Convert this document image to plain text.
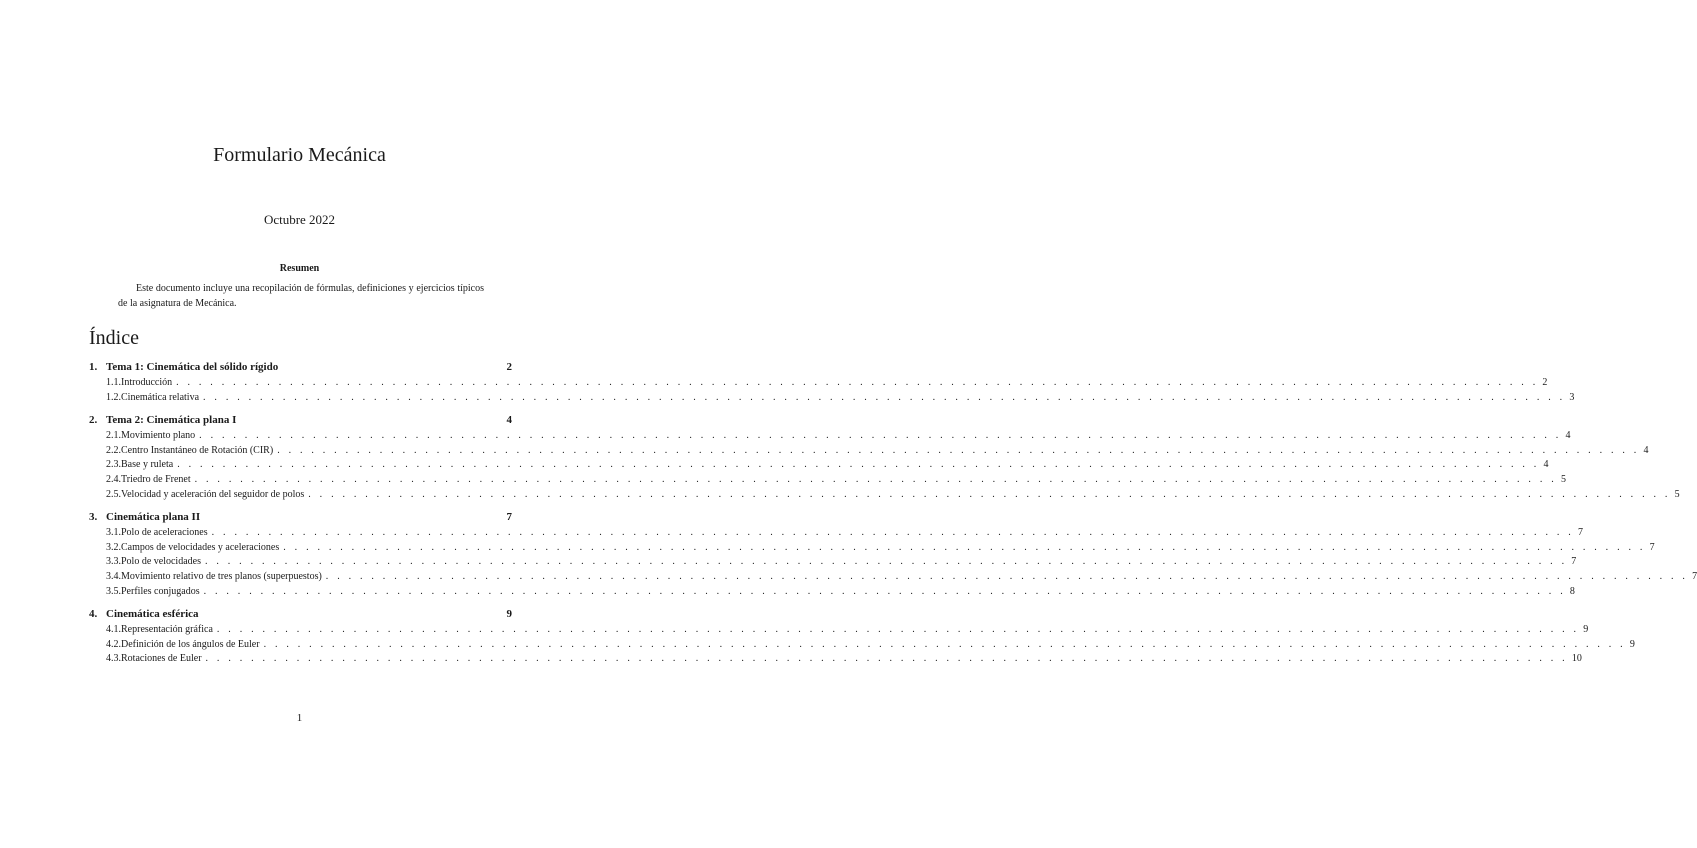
Formulario Mecánica
Octubre 2022
Resumen
Este documento incluye una recopilación de fórmulas, definiciones y ejercicios típicos de la asignatura de Mecánica.
Índice
1. Tema 1: Cinemática del sólido rígido	2
1.1. Introducción . . . . . . . . . . . . . . . . . . . . . . . . . . . . . . . . . . . . . . . . . . . . . . . . . . . . . . . . . . . . . . . . . . . . . . . . . . . . . . . . . . . . . . . . . . . . . . . . . . . . . . . . . . . . . . . . . . . . . . . . 2
1.2. Cinemática relativa . . . . . . . . . . . . . . . . . . . . . . . . . . . . . . . . . . . . . . . . . . . . . . . . . . . . . . . . . . . . . . . . . . . . . . . . . . . . . . . . . . . . . . . . . . . . . . . . . . . . . . . . . . . . . . . . . . . . . . . . 3
2. Tema 2: Cinemática plana I	4
2.1. Movimiento plano . . . . . . . . . . . . . . . . . . . . . . . . . . . . . . . . . . . . . . . . . . . . . . . . . . . . . . . . . . . . . . . . . . . . . . . . . . . . . . . . . . . . . . . . . . . . . . . . . . . . . . . . . . . . . . . . . . . . . . . . 4
2.2. Centro Instantáneo de Rotación (CIR) . . . . . . . . . . . . . . . . . . . . . . . . . . . . . . . . . . . . . . . . . . . . . . . . . . . . . . . . . . . . . . . . . . . . . . . . . . . . . . . . . . . . . . . . . . . . . . . . . . . . . . . . . . . . . . . . . . . . . . . . 4
2.3. Base y ruleta . . . . . . . . . . . . . . . . . . . . . . . . . . . . . . . . . . . . . . . . . . . . . . . . . . . . . . . . . . . . . . . . . . . . . . . . . . . . . . . . . . . . . . . . . . . . . . . . . . . . . . . . . . . . . . . . . . . . . . . . 4
2.4. Triedro de Frenet . . . . . . . . . . . . . . . . . . . . . . . . . . . . . . . . . . . . . . . . . . . . . . . . . . . . . . . . . . . . . . . . . . . . . . . . . . . . . . . . . . . . . . . . . . . . . . . . . . . . . . . . . . . . . . . . . . . . . . . . 5
2.5. Velocidad y aceleración del seguidor de polos . . . . . . . . . . . . . . . . . . . . . . . . . . . . . . . . . . . . . . . . . . . . . . . . . . . . . . . . . . . . . . . . . . . . . . . . . . . . . . . . . . . . . . . . . . . . . . . . . . . . . . . . . . . . . . . . . . . . . . . . 5
3. Cinemática plana II	7
3.1. Polo de aceleraciones . . . . . . . . . . . . . . . . . . . . . . . . . . . . . . . . . . . . . . . . . . . . . . . . . . . . . . . . . . . . . . . . . . . . . . . . . . . . . . . . . . . . . . . . . . . . . . . . . . . . . . . . . . . . . . . . . . . . . . . . 7
3.2. Campos de velocidades y aceleraciones . . . . . . . . . . . . . . . . . . . . . . . . . . . . . . . . . . . . . . . . . . . . . . . . . . . . . . . . . . . . . . . . . . . . . . . . . . . . . . . . . . . . . . . . . . . . . . . . . . . . . . . . . . . . . . . . . . . . . . . . 7
3.3. Polo de velocidades . . . . . . . . . . . . . . . . . . . . . . . . . . . . . . . . . . . . . . . . . . . . . . . . . . . . . . . . . . . . . . . . . . . . . . . . . . . . . . . . . . . . . . . . . . . . . . . . . . . . . . . . . . . . . . . . . . . . . . . . 7
3.4. Movimiento relativo de tres planos (superpuestos) . . . . . . . . . . . . . . . . . . . . . . . . . . . . . . . . . . . . . . . . . . . . . . . . . . . . . . . . . . . . . . . . . . . . . . . . . . . . . . . . . . . . . . . . . . . . . . . . . . . . . . . . . . . . . . . . . . . . . . . . 7
3.5. Perfiles conjugados . . . . . . . . . . . . . . . . . . . . . . . . . . . . . . . . . . . . . . . . . . . . . . . . . . . . . . . . . . . . . . . . . . . . . . . . . . . . . . . . . . . . . . . . . . . . . . . . . . . . . . . . . . . . . . . . . . . . . . . . 8
4. Cinemática esférica	9
4.1. Representación gráfica . . . . . . . . . . . . . . . . . . . . . . . . . . . . . . . . . . . . . . . . . . . . . . . . . . . . . . . . . . . . . . . . . . . . . . . . . . . . . . . . . . . . . . . . . . . . . . . . . . . . . . . . . . . . . . . . . . . . . . . . 9
4.2. Definición de los ángulos de Euler . . . . . . . . . . . . . . . . . . . . . . . . . . . . . . . . . . . . . . . . . . . . . . . . . . . . . . . . . . . . . . . . . . . . . . . . . . . . . . . . . . . . . . . . . . . . . . . . . . . . . . . . . . . . . . . . . . . . . . . . 9
4.3. Rotaciones de Euler . . . . . . . . . . . . . . . . . . . . . . . . . . . . . . . . . . . . . . . . . . . . . . . . . . . . . . . . . . . . . . . . . . . . . . . . . . . . . . . . . . . . . . . . . . . . . . . . . . . . . . . . . . . . . . . . . . . . . . . . 10
1
